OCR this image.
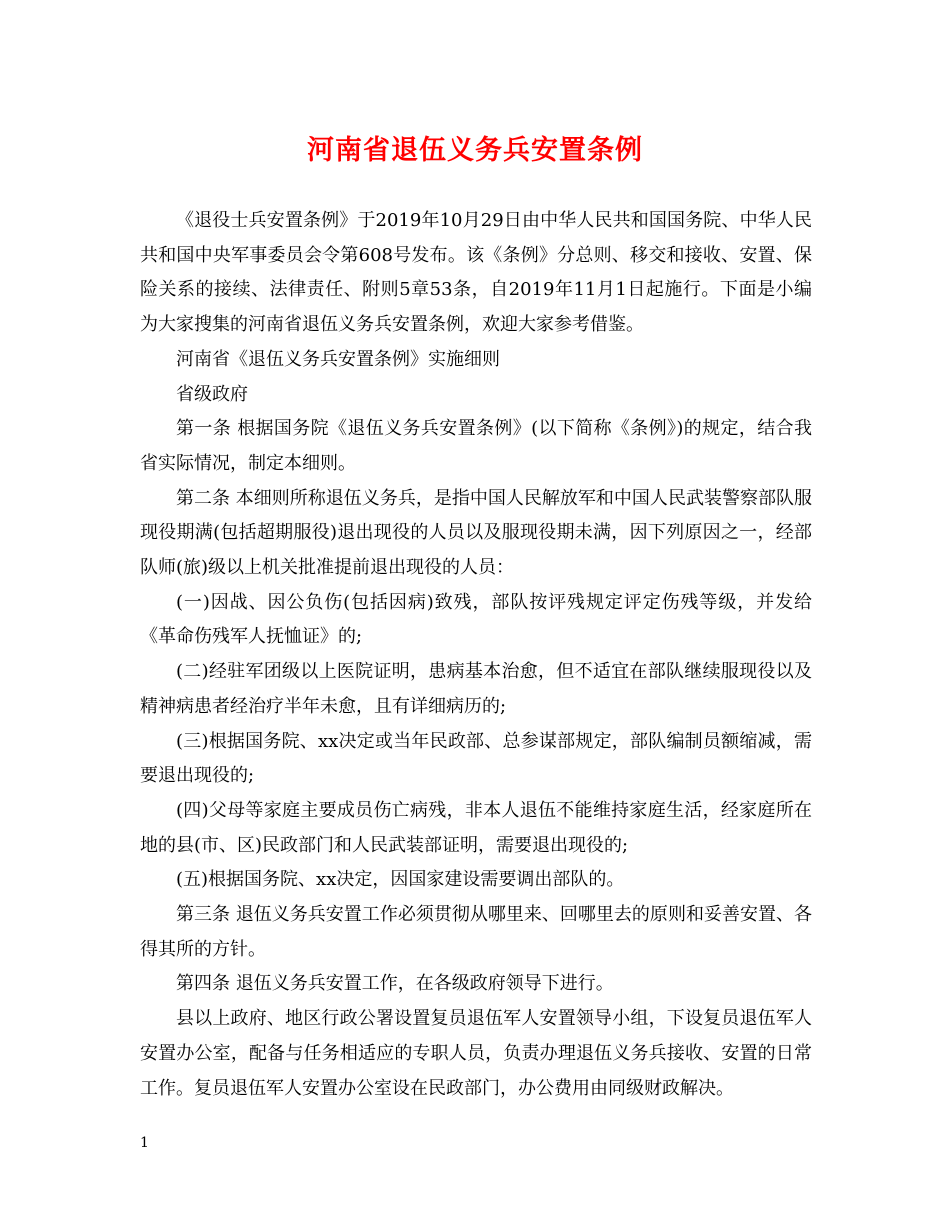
河南省退伍义务兵安置条例

《退役士兵安置条例》于2019年10月29日由中华人民共和国国务院、中华人民共和国中央军事委员会令第608号发布。该《条例》分总则、移交和接收、安置、保险关系的接续、法律责任、附则5章53条，自2019年11月1日起施行。下面是小编为大家搜集的河南省退伍义务兵安置条例，欢迎大家参考借鉴。

河南省《退伍义务兵安置条例》实施细则

省级政府

第一条 根据国务院《退伍义务兵安置条例》(以下简称《条例》)的规定，结合我省实际情况，制定本细则。

第二条 本细则所称退伍义务兵，是指中国人民解放军和中国人民武装警察部队服现役期满(包括超期服役)退出现役的人员以及服现役期未满，因下列原因之一，经部队师(旅)级以上机关批准提前退出现役的人员：

(一)因战、因公负伤(包括因病)致残，部队按评残规定评定伤残等级，并发给《革命伤残军人抚恤证》的;

(二)经驻军团级以上医院证明，患病基本治愈，但不适宜在部队继续服现役以及精神病患者经治疗半年未愈，且有详细病历的;

(三)根据国务院、xx决定或当年民政部、总参谋部规定，部队编制员额缩减，需要退出现役的;

(四)父母等家庭主要成员伤亡病残，非本人退伍不能维持家庭生活，经家庭所在地的县(市、区)民政部门和人民武装部证明，需要退出现役的;

(五)根据国务院、xx决定，因国家建设需要调出部队的。

第三条 退伍义务兵安置工作必须贯彻从哪里来、回哪里去的原则和妥善安置、各得其所的方针。

第四条 退伍义务兵安置工作，在各级政府领导下进行。

县以上政府、地区行政公署设置复员退伍军人安置领导小组，下设复员退伍军人安置办公室，配备与任务相适应的专职人员，负责办理退伍义务兵接收、安置的日常工作。复员退伍军人安置办公室设在民政部门，办公费用由同级财政解决。

1
